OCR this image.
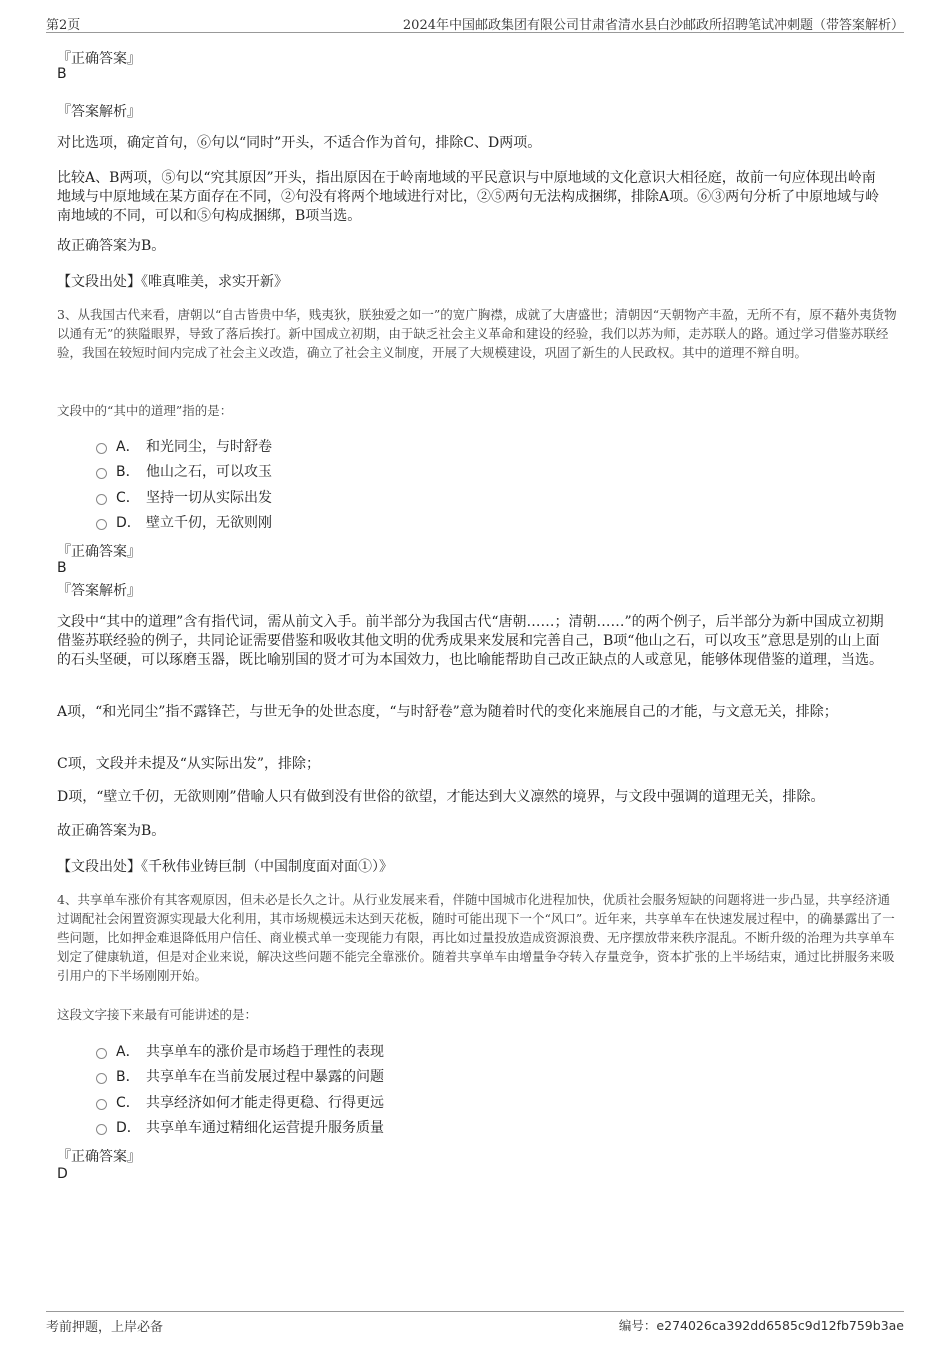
第2页	2024年中国邮政集团有限公司甘肃省清水县白沙邮政所招聘笔试冲刺题（带答案解析）
『正确答案』
B
『答案解析』
对比选项，确定首句，⑥句以“同时”开头，不适合作为首句，排除C、D两项。
比较A、B两项，⑤句以“究其原因”开头，指出原因在于岭南地域的平民意识与中原地域的文化意识大相径庭，故前一句应体现出岭南地域与中原地域在某方面存在不同，②句没有将两个地域进行对比，②⑤两句无法构成捆绑，排除A项。⑥③两句分析了中原地域与岭南地域的不同，可以和⑤句构成捆绑，B项当选。
故正确答案为B。
【文段出处】《唯真唯美，求实开新》
3、从我国古代来看，唐朝以“自古皆贵中华，贱夷狄，朕独爱之如一”的宽广胸襟，成就了大唐盛世；清朝因“天朝物产丰盈，无所不有，原不藉外夷货物以通有无”的狭隘眼界，导致了落后挨打。新中国成立初期，由于缺乏社会主义革命和建设的经验，我们以苏为师，走苏联人的路。通过学习借鉴苏联经验，我国在较短时间内完成了社会主义改造，确立了社会主义制度，开展了大规模建设，巩固了新生的人民政权。其中的道理不辩自明。
文段中的“其中的道理”指的是：
A． 和光同尘，与时舒卷
B． 他山之石，可以攻玉
C． 坚持一切从实际出发
D． 壁立千仞，无欲则刚
『正确答案』
B
『答案解析』
文段中“其中的道理”含有指代词，需从前文入手。前半部分为我国古代“唐朝……；清朝……”的两个例子，后半部分为新中国成立初期借鉴苏联经验的例子，共同论证需要借鉴和吸收其他文明的优秀成果来发展和完善自己，B项“他山之石，可以攻玉”意思是别的山上面的石头坚硬，可以琢磨玉器，既比喻别国的贤才可为本国效力，也比喻能帮助自己改正缺点的人或意见，能够体现借鉴的道理，当选。
A项，“和光同尘”指不露锋芒，与世无争的处世态度，“与时舒卷”意为随着时代的变化来施展自己的才能，与文意无关，排除；
C项，文段并未提及“从实际出发”，排除；
D项，“壁立千仞，无欲则刚”借喻人只有做到没有世俗的欲望，才能达到大义凛然的境界，与文段中强调的道理无关，排除。
故正确答案为B。
【文段出处】《千秋伟业铸巨制（中国制度面对面①）》
4、共享单车涨价有其客观原因，但未必是长久之计。从行业发展来看，伴随中国城市化进程加快，优质社会服务短缺的问题将进一步凸显，共享经济通过调配社会闲置资源实现最大化利用，其市场规模远未达到天花板，随时可能出现下一个“风口”。近年来，共享单车在快速发展过程中，的确暴露出了一些问题，比如押金难退降低用户信任、商业模式单一变现能力有限，再比如过量投放造成资源浪费、无序摆放带来秩序混乱。不断升级的治理为共享单车划定了健康轨道，但是对企业来说，解决这些问题不能完全靠涨价。随着共享单车由增量争夺转入存量竞争，资本扩张的上半场结束，通过比拼服务来吸引用户的下半场刚刚开始。
这段文字接下来最有可能讲述的是：
A． 共享单车的涨价是市场趋于理性的表现
B． 共享单车在当前发展过程中暴露的问题
C． 共享经济如何才能走得更稳、行得更远
D． 共享单车通过精细化运营提升服务质量
『正确答案』
D
考前押题，上岸必备	编号：e274026ca392dd6585c9d12fb759b3ae
